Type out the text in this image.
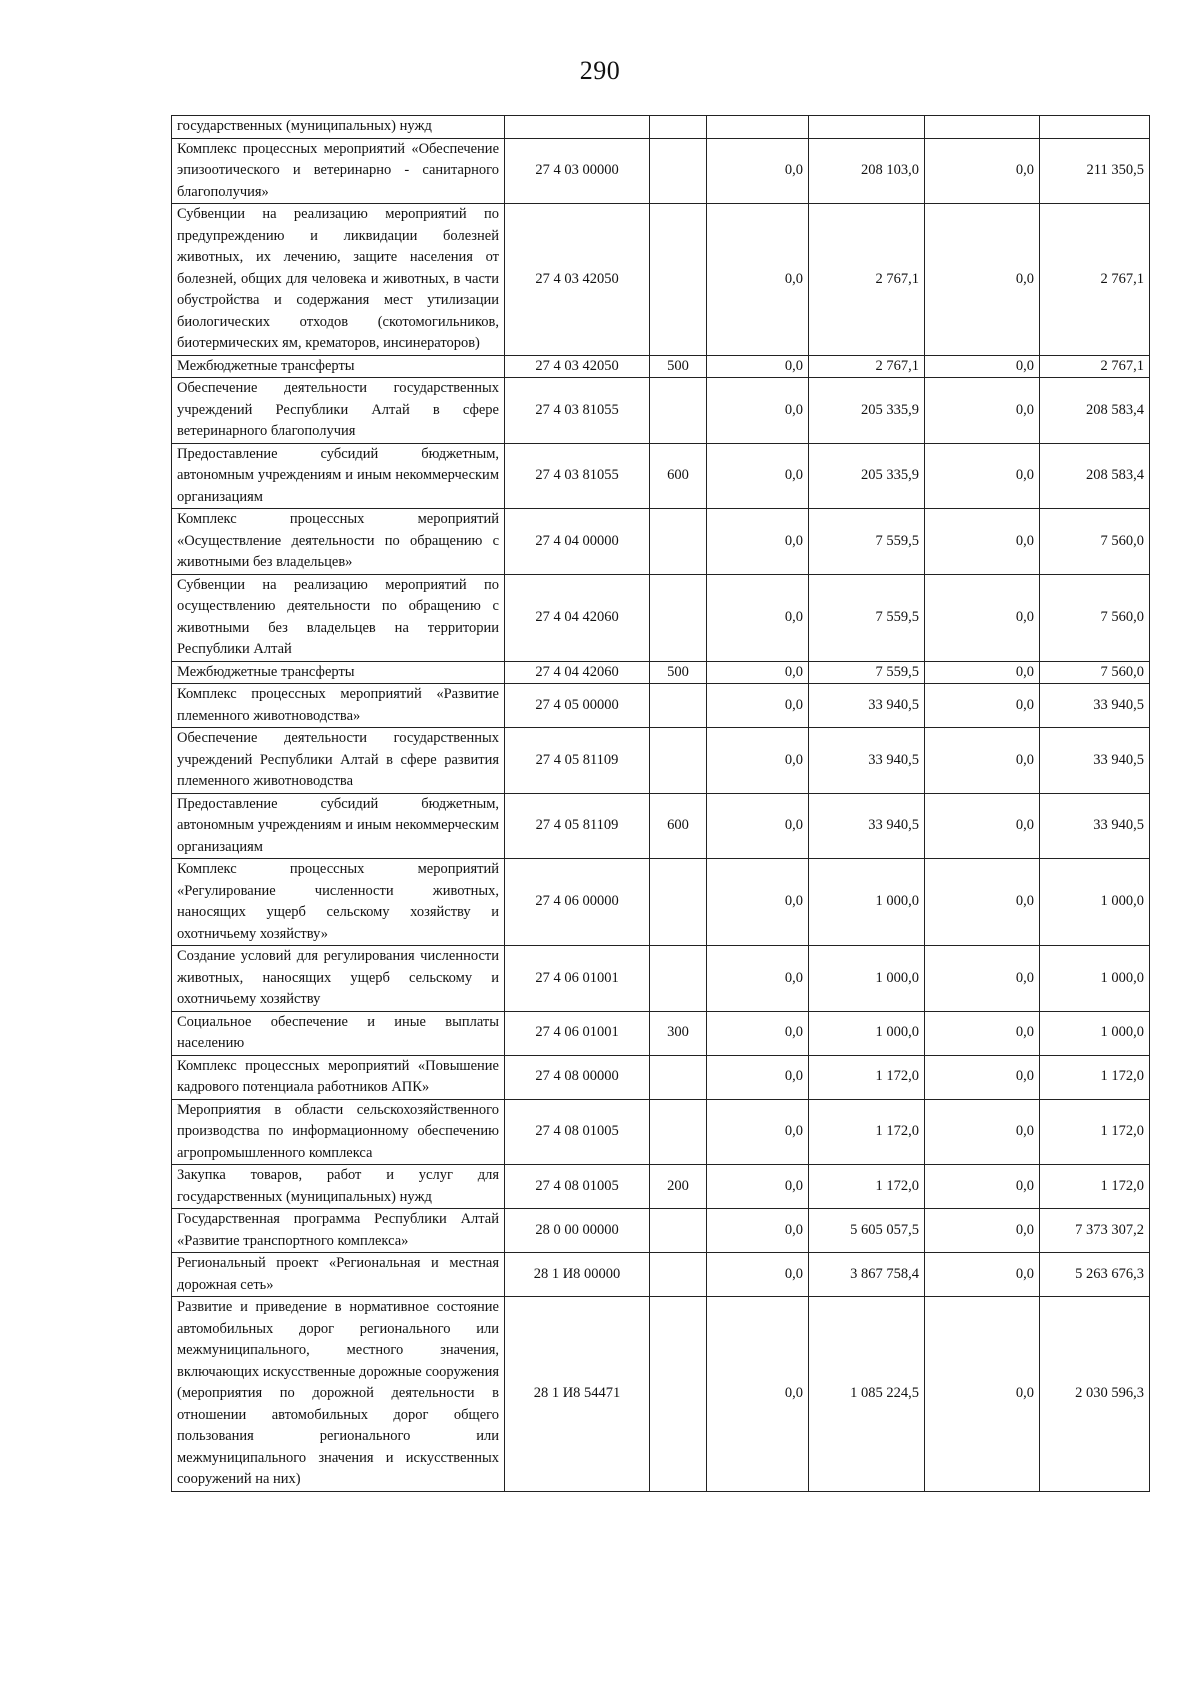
290
государственных (муниципальных) нужд						
Комплекс процессных мероприятий «Обеспечение эпизоотического и ветеринарно - санитарного благополучия»	27 4 03 00000		0,0	208 103,0	0,0	211 350,5
Субвенции на реализацию мероприятий по предупреждению и ликвидации болезней животных, их лечению, защите населения от болезней, общих для человека и животных, в части обустройства и содержания мест утилизации биологических отходов (скотомогильников, биотермических ям, крематоров, инсинераторов)	27 4 03 42050		0,0	2 767,1	0,0	2 767,1
Межбюджетные трансферты	27 4 03 42050	500	0,0	2 767,1	0,0	2 767,1
Обеспечение деятельности государственных учреждений Республики Алтай в сфере ветеринарного благополучия	27 4 03 81055		0,0	205 335,9	0,0	208 583,4
Предоставление субсидий бюджетным, автономным учреждениям и иным некоммерческим организациям	27 4 03 81055	600	0,0	205 335,9	0,0	208 583,4
Комплекс процессных мероприятий «Осуществление деятельности по обращению с животными без владельцев»	27 4 04 00000		0,0	7 559,5	0,0	7 560,0
Субвенции на реализацию мероприятий по осуществлению деятельности по обращению с животными без владельцев на территории Республики Алтай	27 4 04 42060		0,0	7 559,5	0,0	7 560,0
Межбюджетные трансферты	27 4 04 42060	500	0,0	7 559,5	0,0	7 560,0
Комплекс процессных мероприятий «Развитие племенного животноводства»	27 4 05 00000		0,0	33 940,5	0,0	33 940,5
Обеспечение деятельности государственных учреждений Республики Алтай в сфере развития племенного животноводства	27 4 05 81109		0,0	33 940,5	0,0	33 940,5
Предоставление субсидий бюджетным, автономным учреждениям и иным некоммерческим организациям	27 4 05 81109	600	0,0	33 940,5	0,0	33 940,5
Комплекс процессных мероприятий «Регулирование численности животных, наносящих ущерб сельскому хозяйству и охотничьему хозяйству»	27 4 06 00000		0,0	1 000,0	0,0	1 000,0
Создание условий для регулирования численности животных, наносящих ущерб сельскому и охотничьему хозяйству	27 4 06 01001		0,0	1 000,0	0,0	1 000,0
Социальное обеспечение и иные выплаты населению	27 4 06 01001	300	0,0	1 000,0	0,0	1 000,0
Комплекс процессных мероприятий «Повышение кадрового потенциала работников АПК»	27 4 08 00000		0,0	1 172,0	0,0	1 172,0
Мероприятия в области сельскохозяйственного производства по информационному обеспечению агропромышленного комплекса	27 4 08 01005		0,0	1 172,0	0,0	1 172,0
Закупка товаров, работ и услуг для государственных (муниципальных) нужд	27 4 08 01005	200	0,0	1 172,0	0,0	1 172,0
Государственная программа Республики Алтай «Развитие транспортного комплекса»	28 0 00 00000		0,0	5 605 057,5	0,0	7 373 307,2
Региональный проект «Региональная и местная дорожная сеть»	28 1 И8 00000		0,0	3 867 758,4	0,0	5 263 676,3
Развитие и приведение в нормативное состояние автомобильных дорог регионального или межмуниципального, местного значения, включающих искусственные дорожные сооружения (мероприятия по дорожной деятельности в отношении автомобильных дорог общего пользования регионального или межмуниципального значения и искусственных сооружений на них)	28 1 И8 54471		0,0	1 085 224,5	0,0	2 030 596,3
